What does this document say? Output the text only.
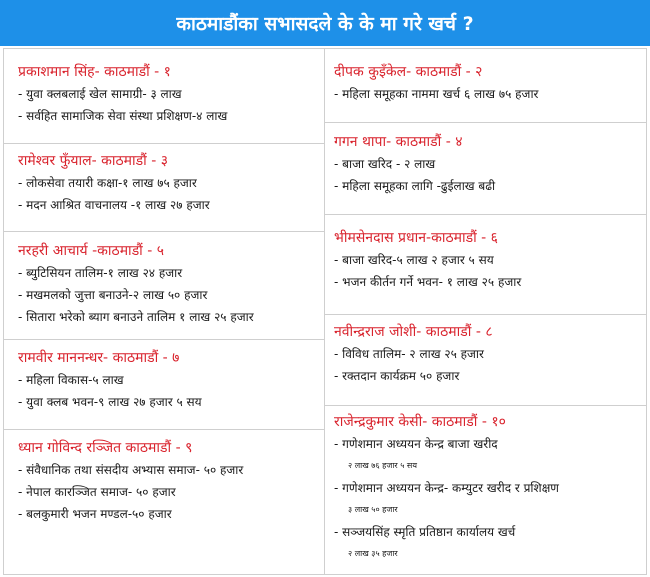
काठमाडौंका सभासदले के के मा गरे खर्च ?
प्रकाशमान सिंह- काठमाडौं - १
- युवा क्लबलाई खेल सामाग्री- ३ लाख
- सर्वहित सामाजिक सेवा संस्था प्रशिक्षण-४ लाख
रामेश्वर फुँयाल- काठमाडौं - ३
- लोकसेवा तयारी कक्षा-१ लाख ७५ हजार
- मदन आश्रित वाचनालय -१ लाख २७ हजार
नरहरी आचार्य -काठमाडौं - ५
- ब्युटिसियन तालिम-१ लाख २४ हजार
- मखमलको जुत्ता बनाउने-२ लाख ५० हजार
- सितारा भरेको ब्याग बनाउने तालिम १ लाख २५ हजार
रामवीर माननन्धर- काठमाडौं - ७
- महिला विकास-५ लाख
- युवा क्लब भवन-९ लाख २७ हजार ५ सय
ध्यान गोविन्द रञ्जित काठमाडौं - ९
- संवैधानिक तथा संसदीय अभ्यास समाज- ५० हजार
- नेपाल कारञ्जित समाज- ५० हजार
- बलकुमारी भजन मण्डल-५० हजार
दीपक कुइँकेल- काठमाडौं - २
- महिला समूहका नाममा खर्च ६ लाख ७५ हजार
गगन थापा- काठमाडौं - ४
- बाजा खरिद - २ लाख
- महिला समूहका लागि -ढुईलाख बढी
भीमसेनदास प्रधान-काठमाडौं - ६
- बाजा खरिद-५ लाख २ हजार ५ सय
- भजन कीर्तन गर्ने भवन- १ लाख २५ हजार
नवीन्द्रराज जोशी- काठमाडौं - ८
- विविध तालिम- २ लाख २५ हजार
- रक्तदान कार्यक्रम ५० हजार
राजेन्द्रकुमार केसी- काठमाडौं - १०
- गणेशमान अध्ययन केन्द्र बाजा खरीद
२ लाख ७६ हजार ५ सय
- गणेशमान अध्ययन केन्द्र- कम्युटर खरीद र प्रशिक्षण
३ लाख ५० हजार
- सञ्जयसिंह स्मृति प्रतिष्ठान कार्यालय खर्च
२ लाख ३५ हजार
